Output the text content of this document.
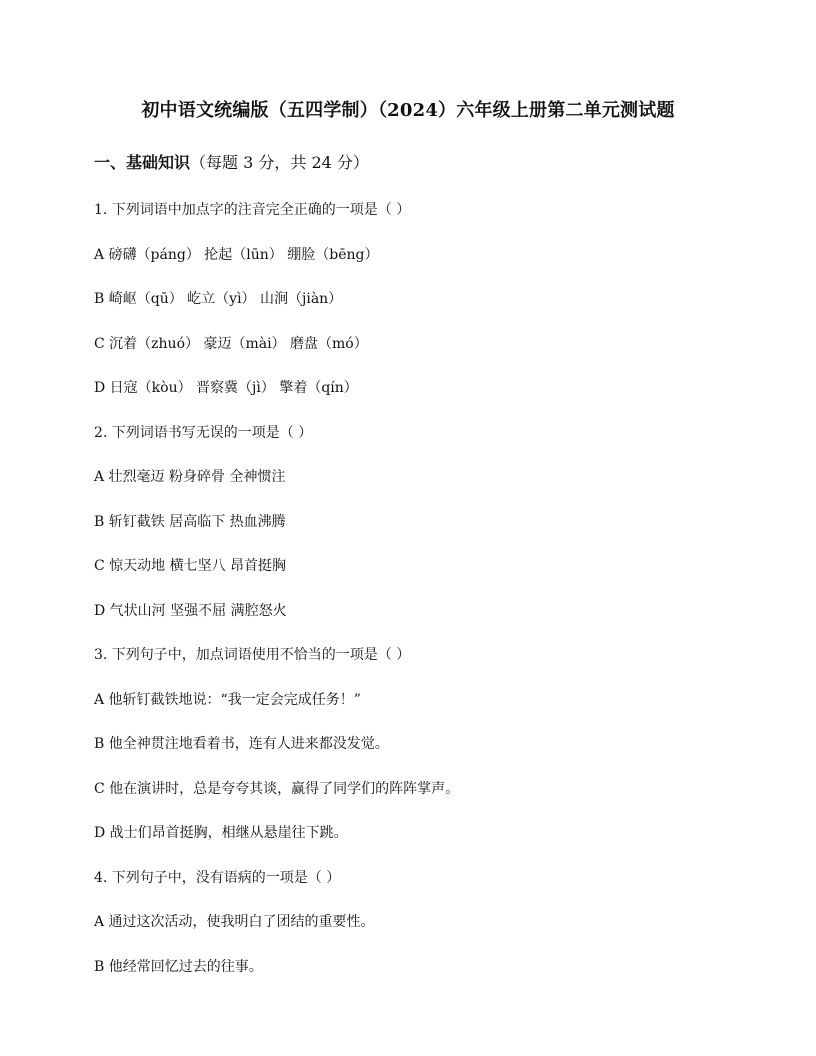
初中语文统编版（五四学制）（2024）六年级上册第二单元测试题
一、基础知识（每题 3 分，共 24 分）
1. 下列词语中加点字的注音完全正确的一项是（ ）
A 磅礴（páng） 抡起（lūn） 绷脸（bēng）
B 崎岖（qū） 屹立（yì） 山涧（jiàn）
C 沉着（zhuó） 豪迈（mài） 磨盘（mó）
D 日寇（kòu） 晋察冀（jì） 擎着（qín）
2. 下列词语书写无误的一项是（ ）
A 壮烈毫迈 粉身碎骨 全神惯注
B 斩钉截铁 居高临下 热血沸腾
C 惊天动地 横七坚八 昂首挺胸
D 气状山河 坚强不屈 满腔怒火
3. 下列句子中，加点词语使用不恰当的一项是（ ）
A 他斩钉截铁地说：“我一定会完成任务！”
B 他全神贯注地看着书，连有人进来都没发觉。
C 他在演讲时，总是夸夸其谈，赢得了同学们的阵阵掌声。
D 战士们昂首挺胸，相继从悬崖往下跳。
4. 下列句子中，没有语病的一项是（ ）
A 通过这次活动，使我明白了团结的重要性。
B 他经常回忆过去的往事。
